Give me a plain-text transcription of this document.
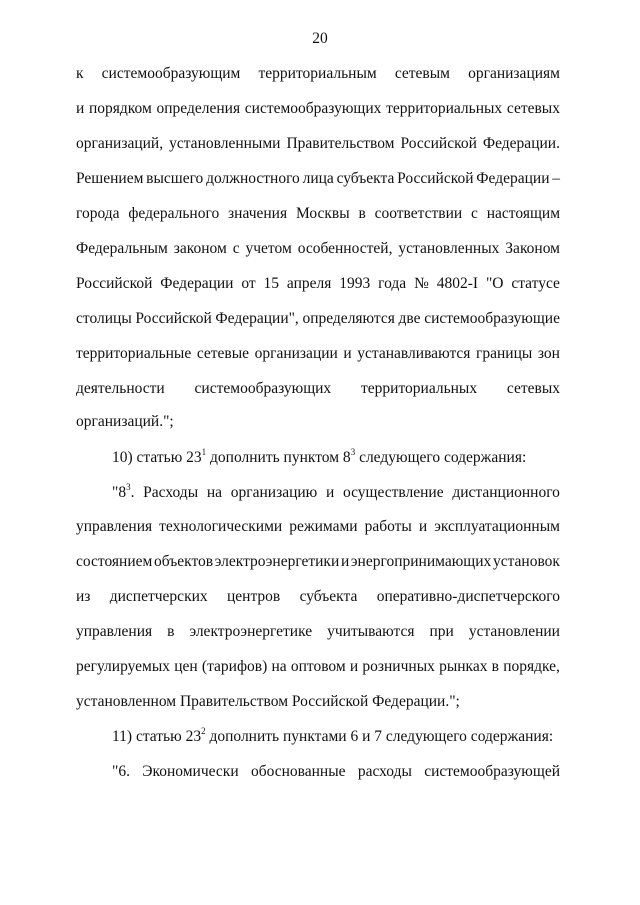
20
к системообразующим территориальным сетевым организациям
и порядком определения системообразующих территориальных сетевых
организаций, установленными Правительством Российской Федерации.
Решением высшего должностного лица субъекта Российской Федерации –
города федерального значения Москвы в соответствии с настоящим
Федеральным законом с учетом особенностей, установленных Законом
Российской Федерации от 15 апреля 1993 года № 4802-I "О статусе
столицы Российской Федерации", определяются две системообразующие
территориальные сетевые организации и устанавливаются границы зон
деятельности системообразующих территориальных сетевых
организаций.";
10) статью $23^1$ дополнить пунктом $8^3$ следующего содержания:
"$8^3$. Расходы на организацию и осуществление дистанционного
управления технологическими режимами работы и эксплуатационным
состоянием объектов электроэнергетики и энергопринимающих установок
из диспетчерских центров субъекта оперативно-диспетчерского
управления в электроэнергетике учитываются при установлении
регулируемых цен (тарифов) на оптовом и розничных рынках в порядке,
установленном Правительством Российской Федерации.";
11) статью $23^2$ дополнить пунктами 6 и 7 следующего содержания:
"6. Экономически обоснованные расходы системообразующей
